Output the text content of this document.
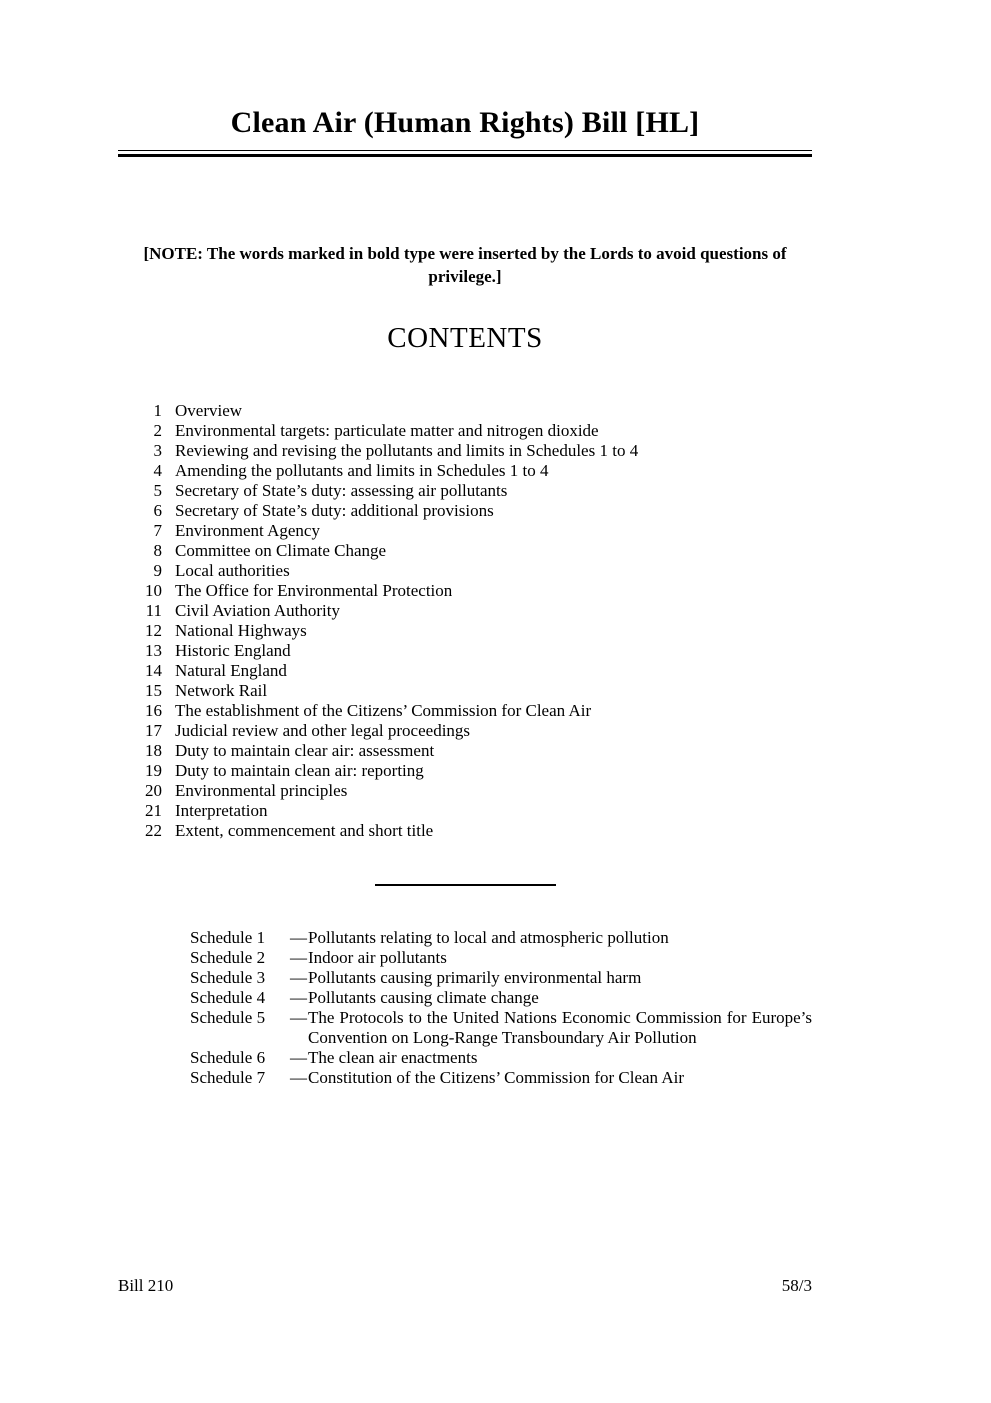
Clean Air (Human Rights) Bill [HL]
[NOTE: The words marked in bold type were inserted by the Lords to avoid questions of privilege.]
CONTENTS
1 Overview
2 Environmental targets: particulate matter and nitrogen dioxide
3 Reviewing and revising the pollutants and limits in Schedules 1 to 4
4 Amending the pollutants and limits in Schedules 1 to 4
5 Secretary of State’s duty: assessing air pollutants
6 Secretary of State’s duty: additional provisions
7 Environment Agency
8 Committee on Climate Change
9 Local authorities
10 The Office for Environmental Protection
11 Civil Aviation Authority
12 National Highways
13 Historic England
14 Natural England
15 Network Rail
16 The establishment of the Citizens’ Commission for Clean Air
17 Judicial review and other legal proceedings
18 Duty to maintain clear air: assessment
19 Duty to maintain clean air: reporting
20 Environmental principles
21 Interpretation
22 Extent, commencement and short title
Schedule 1	— Pollutants relating to local and atmospheric pollution
Schedule 2	— Indoor air pollutants
Schedule 3	— Pollutants causing primarily environmental harm
Schedule 4	— Pollutants causing climate change
Schedule 5	— The Protocols to the United Nations Economic Commission for Europe’s Convention on Long-Range Transboundary Air Pollution
Schedule 6	— The clean air enactments
Schedule 7	— Constitution of the Citizens’ Commission for Clean Air
Bill 210	58/3
